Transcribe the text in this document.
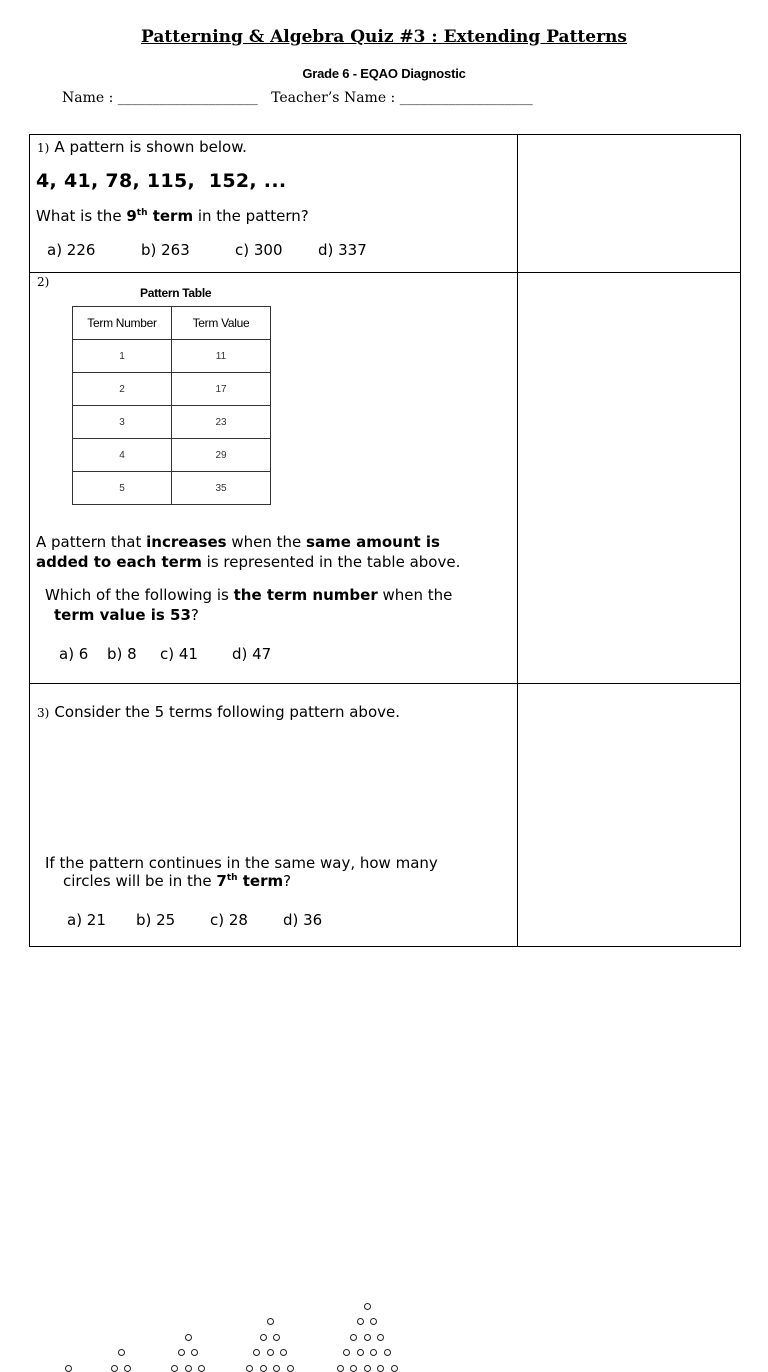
Patterning & Algebra Quiz #3 : Extending Patterns
Grade 6 - EQAO Diagnostic
Name : ____________________ Teacher’s Name : ___________________
1) A pattern is shown below.
4, 41, 78, 115,  152, ...
What is the 9th term in the pattern?
a) 226	b) 263	c) 300 d) 337

2)
Pattern Table
Term Number	Term Value
1	11
2	17
3	23
4	29
5	35
A pattern that increases when the same amount is
added to each term is represented in the table above.
Which of the following is the term number when the
term value is 53?
a) 6 b) 8 c) 41 d) 47

3) Consider the 5 terms following pattern above.
If the pattern continues in the same way, how many
circles will be in the 7th term?
a) 21 b) 25 c) 28 d) 36
